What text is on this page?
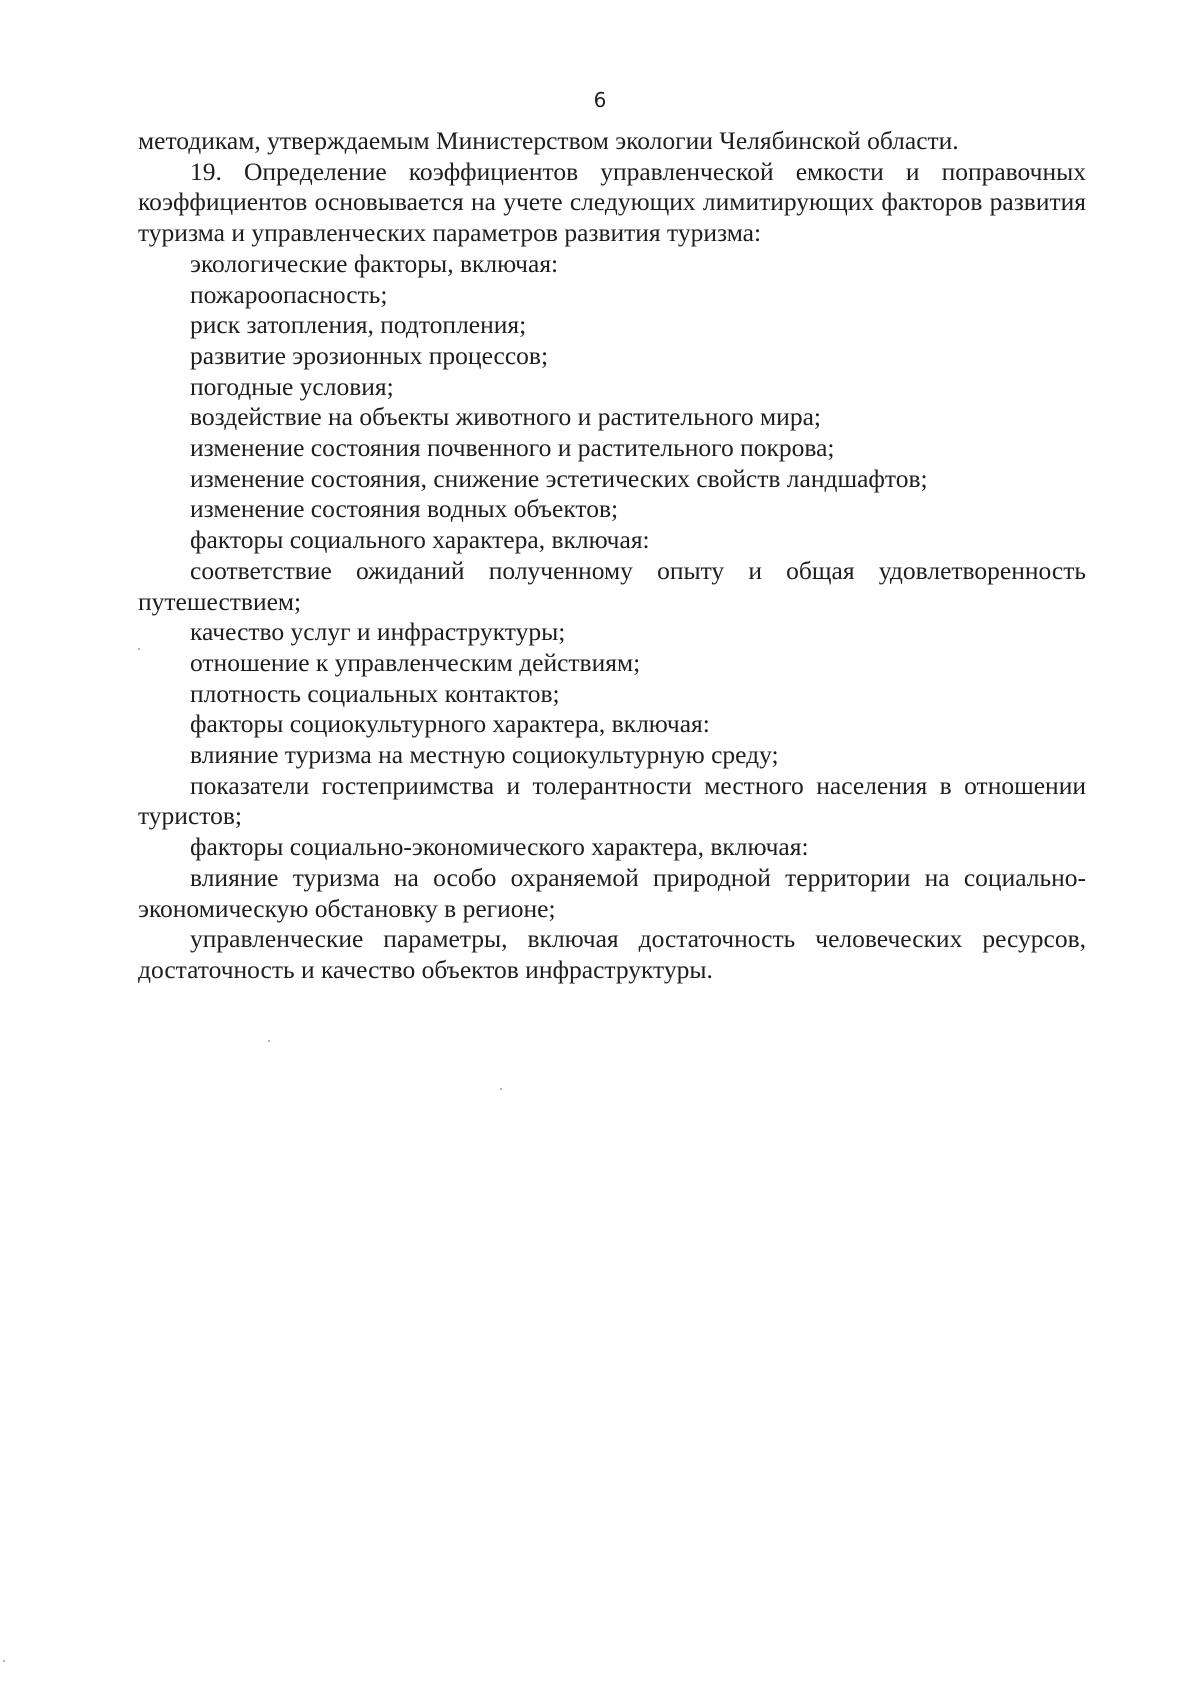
6

методикам, утверждаемым Министерством экологии Челябинской области.

19. Определение коэффициентов управленческой емкости и поправочных коэффициентов основывается на учете следующих лимитирующих факторов развития туризма и управленческих параметров развития туризма:

экологические факторы, включая:

пожароопасность;

риск затопления, подтопления;

развитие эрозионных процессов;

погодные условия;

воздействие на объекты животного и растительного мира;

изменение состояния почвенного и растительного покрова;

изменение состояния, снижение эстетических свойств ландшафтов;

изменение состояния водных объектов;

факторы социального характера, включая:

соответствие ожиданий полученному опыту и общая удовлетворенность путешествием;

качество услуг и инфраструктуры;

отношение к управленческим действиям;

плотность социальных контактов;

факторы социокультурного характера, включая:

влияние туризма на местную социокультурную среду;

показатели гостеприимства и толерантности местного населения в отношении туристов;

факторы социально-экономического характера, включая:

влияние туризма на особо охраняемой природной территории на социально-экономическую обстановку в регионе;

управленческие параметры, включая достаточность человеческих ресурсов, достаточность и качество объектов инфраструктуры.
